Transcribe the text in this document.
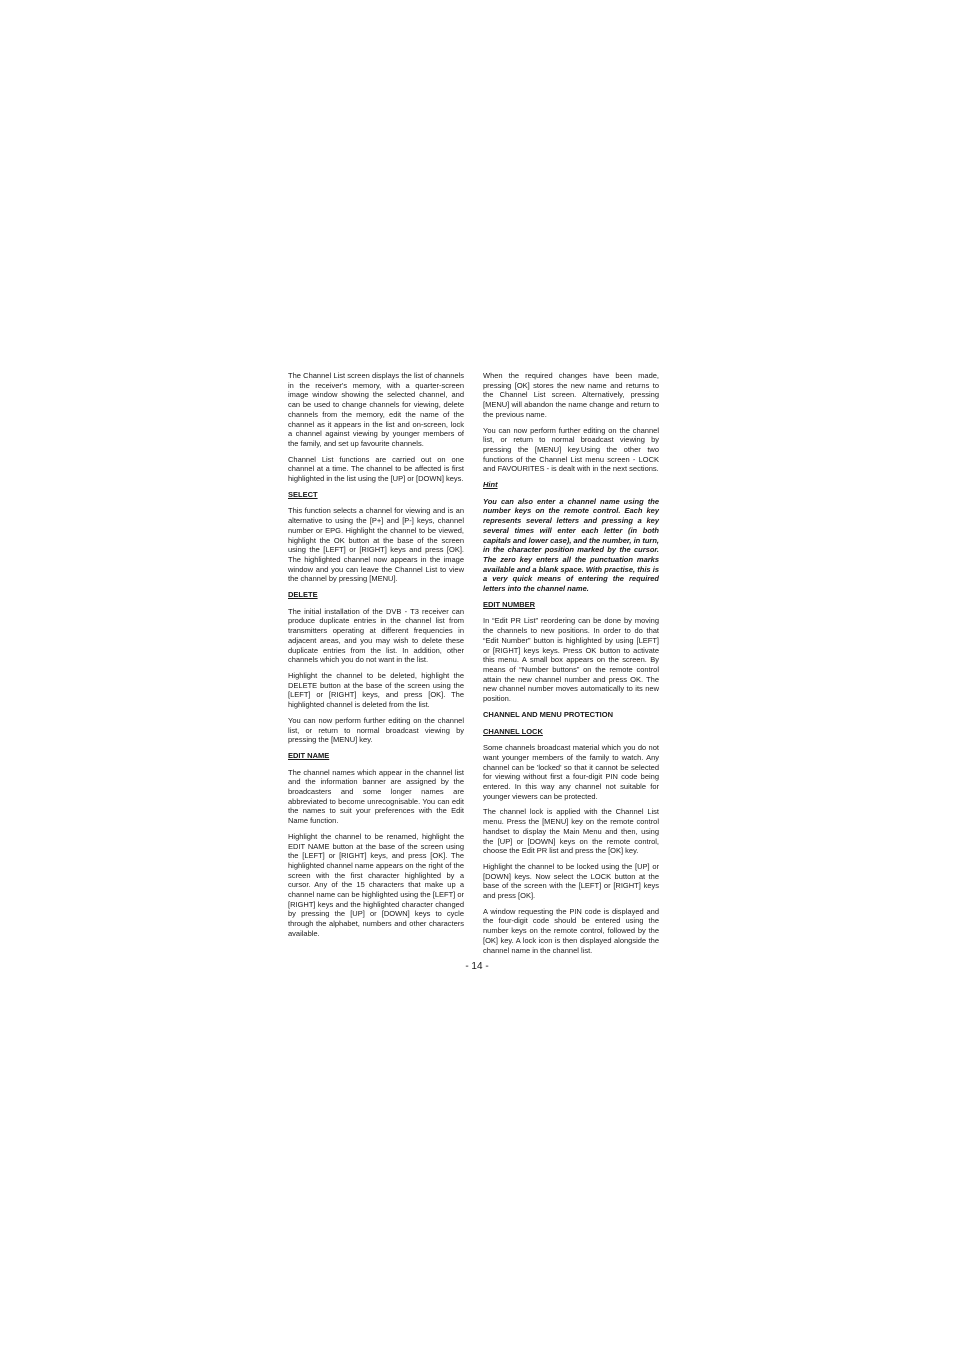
The Channel List screen displays the list of channels in the receiver's memory, with a quarter-screen image window showing the selected channel, and can be used to change channels for viewing, delete channels from the memory, edit the name of the channel as it appears in the list and on-screen, lock a channel against viewing by younger members of the family, and set up favourite channels.

Channel List functions are carried out on one channel at a time. The channel to be affected is first highlighted in the list using the [UP] or [DOWN] keys.

SELECT

This function selects a channel for viewing and is an alternative to using the [P+] and [P-] keys, channel number or EPG. Highlight the channel to be viewed, highlight the OK button at the base of the screen using the [LEFT] or [RIGHT] keys and press [OK]. The highlighted channel now appears in the image window and you can leave the Channel List to view the channel by pressing [MENU].

DELETE

The initial installation of the DVB - T3 receiver can produce duplicate entries in the channel list from transmitters operating at different frequencies in adjacent areas, and you may wish to delete these duplicate entries from the list. In addition, other channels which you do not want in the list.

Highlight the channel to be deleted, highlight the DELETE button at the base of the screen using the [LEFT] or [RIGHT] keys, and press [OK]. The highlighted channel is deleted from the list.

You can now perform further editing on the channel list, or return to normal broadcast viewing by pressing the [MENU] key.

EDIT NAME

The channel names which appear in the channel list and the information banner are assigned by the broadcasters and some longer names are abbreviated to become unrecognisable. You can edit the names to suit your preferences with the Edit Name function.

Highlight the channel to be renamed, highlight the EDIT NAME button at the base of the screen using the [LEFT] or [RIGHT] keys, and press [OK]. The highlighted channel name appears on the right of the screen with the first character highlighted by a cursor. Any of the 15 characters that make up a channel name can be highlighted using the [LEFT] or [RIGHT] keys and the highlighted character changed by pressing the [UP] or [DOWN] keys to cycle through the alphabet, numbers and other characters available.

When the required changes have been made, pressing [OK] stores the new name and returns to the Channel List screen. Alternatively, pressing [MENU] will abandon the name change and return to the previous name.

You can now perform further editing on the channel list, or return to normal broadcast viewing by pressing the [MENU] key.Using the other two functions of the Channel List menu screen - LOCK and FAVOURITES - is dealt with in the next sections.

Hint

You can also enter a channel name using the number keys on the remote control. Each key represents several letters and pressing a key several times will enter each letter (in both capitals and lower case), and the number, in turn, in the character position marked by the cursor. The zero key enters all the punctuation marks available and a blank space. With practise, this is a very quick means of entering the required letters into the channel name.

EDIT NUMBER

In “Edit PR List” reordering can be done by moving the channels to new positions. In order to do that “Edit Number” button is highlighted by using [LEFT] or [RIGHT] keys keys. Press OK button to activate this menu. A small box appears on the screen. By means of “Number buttons” on the remote control attain the new channel number and press OK. The new channel number moves automatically to its new position.

CHANNEL AND MENU PROTECTION
CHANNEL LOCK

Some channels broadcast material which you do not want younger members of the family to watch. Any channel can be 'locked' so that it cannot be selected for viewing without first a four-digit PIN code being entered. In this way any channel not suitable for younger viewers can be protected.

The channel lock is applied with the Channel List menu. Press the [MENU] key on the remote control handset to display the Main Menu and then, using the [UP] or [DOWN] keys on the remote control, choose the Edit PR list and press the [OK] key.

Highlight the channel to be locked using the [UP] or [DOWN] keys. Now select the LOCK button at the base of the screen with the [LEFT] or [RIGHT] keys and press [OK].

A window requesting the PIN code is displayed and the four-digit code should be entered using the number keys on the remote control, followed by the [OK] key. A lock icon is then displayed alongside the channel name in the channel list.

- 14 -
